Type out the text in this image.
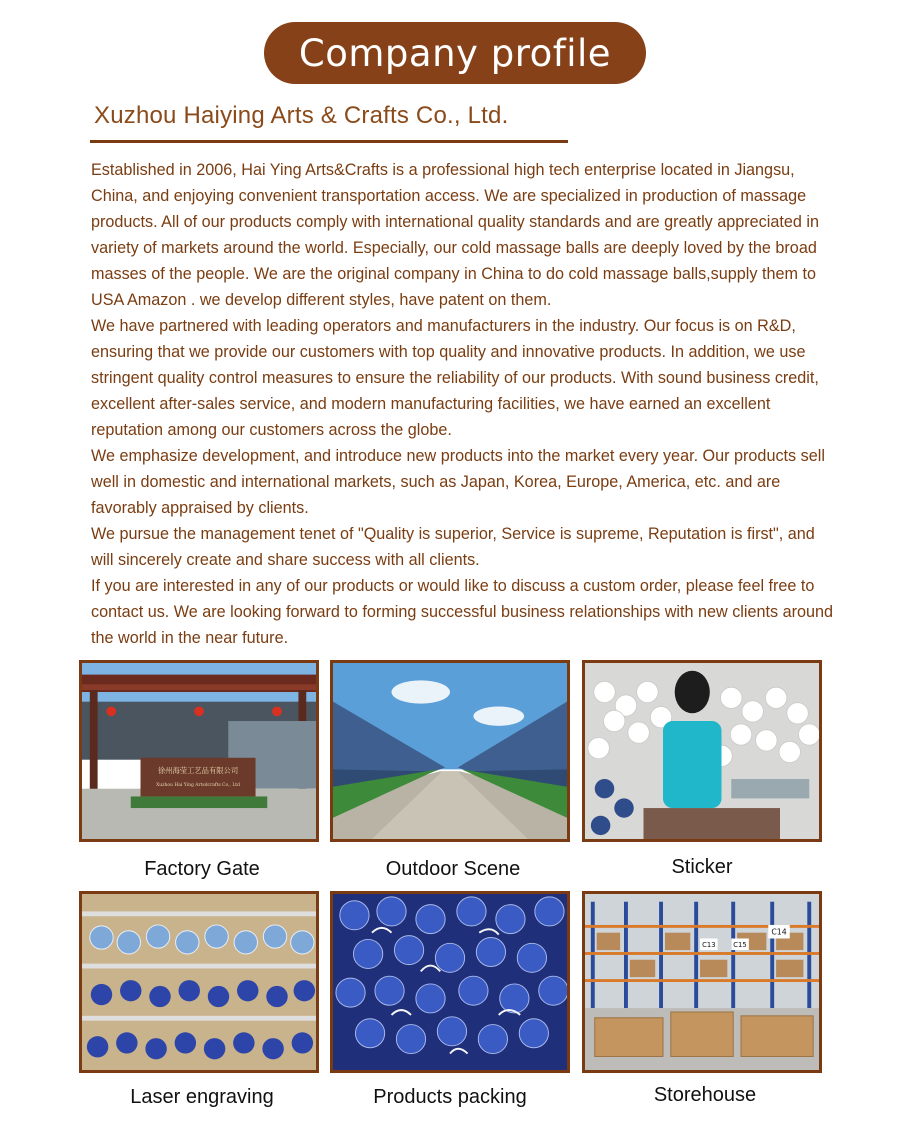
Company profile
Xuzhou Haiying Arts & Crafts Co., Ltd.

Established in 2006, Hai Ying Arts&Crafts is a professional high tech enterprise located in Jiangsu, China, and enjoying convenient transportation access. We are specialized in production of massage products. All of our products comply with international quality standards and are greatly appreciated in variety of markets around the world. Especially, our cold massage balls are deeply loved by the broad masses of the people. We are the original company in China to do cold massage balls,supply them to USA Amazon . we develop different styles, have patent on them.

We have partnered with leading operators and manufacturers in the industry. Our focus is on R&D, ensuring that we provide our customers with top quality and innovative products. In addition, we use stringent quality control measures to ensure the reliability of our products. With sound business credit, excellent after-sales service, and modern manufacturing facilities, we have earned an excellent reputation among our customers across the globe.

We emphasize development, and introduce new products into the market every year. Our products sell well in domestic and international markets, such as Japan, Korea, Europe, America, etc. and are favorably appraised by clients.

We pursue the management tenet of "Quality is superior, Service is supreme, Reputation is first", and will sincerely create and share success with all clients.

If you are interested in any of our products or would like to discuss a custom order, please feel free to contact us. We are looking forward to forming successful business relationships with new clients around the world in the near future.

徐州海莹工艺品有限公司
Xuzhou Hai Ying Artsdcrafts Co., Ltd
Factory Gate	Outdoor Scene	Sticker
Laser engraving	Products packing
C14
C13	C15
Storehouse
